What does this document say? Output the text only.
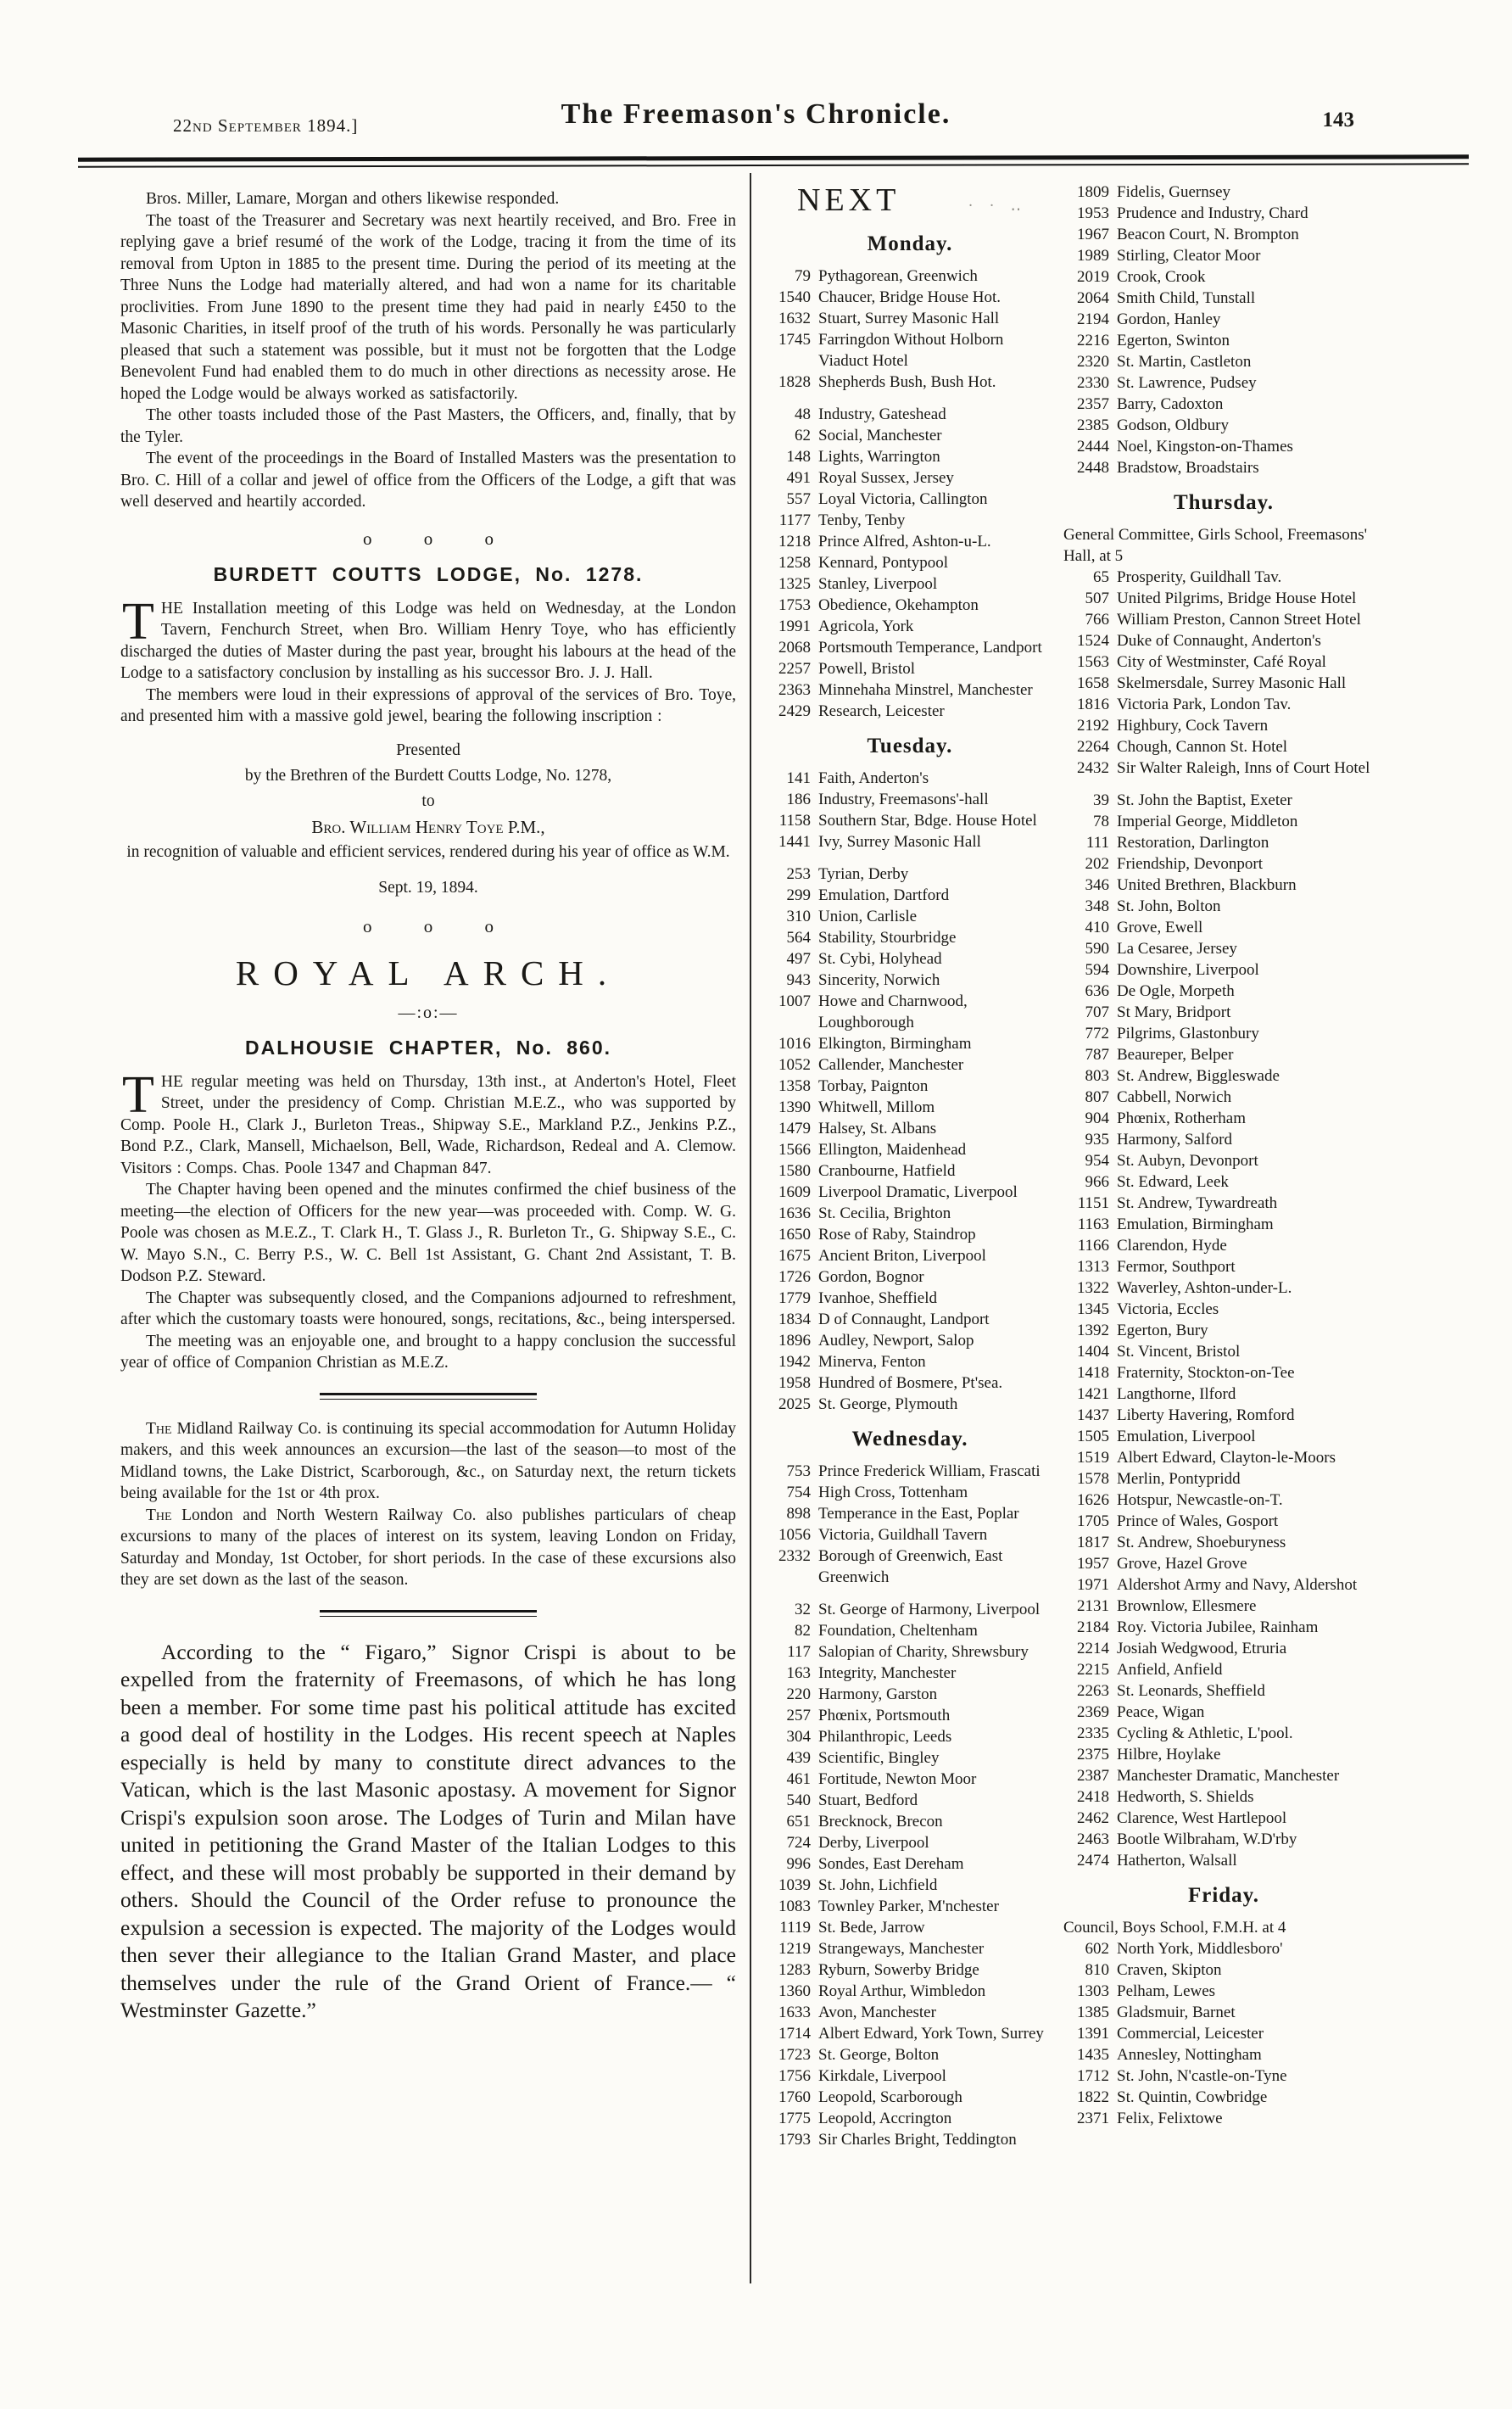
22nd September 1894.]	The Freemason's Chronicle.	143

Bros. Miller, Lamare, Morgan and others likewise responded.

The toast of the Treasurer and Secretary was next heartily received, and Bro. Free in replying gave a brief resumé of the work of the Lodge, tracing it from the time of its removal from Upton in 1885 to the present time. During the period of its meeting at the Three Nuns the Lodge had materially altered, and had won a name for its charitable proclivities. From June 1890 to the present time they had paid in nearly £450 to the Masonic Charities, in itself proof of the truth of his words. Personally he was particularly pleased that such a statement was possible, but it must not be forgotten that the Lodge Benevolent Fund had enabled them to do much in other directions as necessity arose. He hoped the Lodge would be always worked as satisfactorily.

The other toasts included those of the Past Masters, the Officers, and, finally, that by the Tyler.

The event of the proceedings in the Board of Installed Masters was the presentation to Bro. C. Hill of a collar and jewel of office from the Officers of the Lodge, a gift that was well deserved and heartily accorded.

o o o
BURDETT COUTTS LODGE, No. 1278.

THE Installation meeting of this Lodge was held on Wednesday, at the London Tavern, Fenchurch Street, when Bro. William Henry Toye, who has efficiently discharged the duties of Master during the past year, brought his labours at the head of the Lodge to a satisfactory conclusion by installing as his successor Bro. J. J. Hall.

The members were loud in their expressions of approval of the services of Bro. Toye, and presented him with a massive gold jewel, bearing the following inscription :

Presented
by the Brethren of the Burdett Coutts Lodge, No. 1278,
to
Bro. William Henry Toye P.M.,
in recognition of valuable and efficient services, rendered during his year of office as W.M.
Sept. 19, 1894.
o o o
ROYAL ARCH.
—:o:—
DALHOUSIE CHAPTER, No. 860.

THE regular meeting was held on Thursday, 13th inst., at Anderton's Hotel, Fleet Street, under the presidency of Comp. Christian M.E.Z., who was supported by Comp. Poole H., Clark J., Burleton Treas., Shipway S.E., Markland P.Z., Jenkins P.Z., Bond P.Z., Clark, Mansell, Michaelson, Bell, Wade, Richardson, Redeal and A. Clemow. Visitors : Comps. Chas. Poole 1347 and Chapman 847.

The Chapter having been opened and the minutes confirmed the chief business of the meeting—the election of Officers for the new year—was proceeded with. Comp. W. G. Poole was chosen as M.E.Z., T. Clark H., T. Glass J., R. Burleton Tr., G. Shipway S.E., C. W. Mayo S.N., C. Berry P.S., W. C. Bell 1st Assistant, G. Chant 2nd Assistant, T. B. Dodson P.Z. Steward.

The Chapter was subsequently closed, and the Companions adjourned to refreshment, after which the customary toasts were honoured, songs, recitations, &c., being interspersed.

The meeting was an enjoyable one, and brought to a happy conclusion the successful year of office of Companion Christian as M.E.Z.

The Midland Railway Co. is continuing its special accommodation for Autumn Holiday makers, and this week announces an excursion—the last of the season—to most of the Midland towns, the Lake District, Scarborough, &c., on Saturday next, the return tickets being available for the 1st or 4th prox.

The London and North Western Railway Co. also publishes particulars of cheap excursions to many of the places of interest on its system, leaving London on Friday, Saturday and Monday, 1st October, for short periods. In the case of these excursions also they are set down as the last of the season.

According to the “ Figaro,” Signor Crispi is about to be expelled from the fraternity of Freemasons, of which he has long been a member. For some time past his political attitude has excited a good deal of hostility in the Lodges. His recent speech at Naples especially is held by many to constitute direct advances to the Vatican, which is the last Masonic apostasy. A movement for Signor Crispi's expulsion soon arose. The Lodges of Turin and Milan have united in petitioning the Grand Master of the Italian Lodges to this effect, and these will most probably be supported in their demand by others. Should the Council of the Order refuse to pronounce the expulsion a secession is expected. The majority of the Lodges would then sever their allegiance to the Italian Grand Master, and place themselves under the rule of the Grand Orient of France.— “ Westminster Gazette.”

NEXT	· · ‥
Monday.
79 Pythagorean, Greenwich
1540 Chaucer, Bridge House Hot.
1632 Stuart, Surrey Masonic Hall
1745 Farringdon Without Holborn Viaduct Hotel
1828 Shepherds Bush, Bush Hot.
48 Industry, Gateshead
62 Social, Manchester
148 Lights, Warrington
491 Royal Sussex, Jersey
557 Loyal Victoria, Callington
1177 Tenby, Tenby
1218 Prince Alfred, Ashton-u-L.
1258 Kennard, Pontypool
1325 Stanley, Liverpool
1753 Obedience, Okehampton
1991 Agricola, York
2068 Portsmouth Temperance, Landport
2257 Powell, Bristol
2363 Minnehaha Minstrel, Manchester
2429 Research, Leicester
Tuesday.
141 Faith, Anderton's
186 Industry, Freemasons'-hall
1158 Southern Star, Bdge. House Hotel
1441 Ivy, Surrey Masonic Hall
253 Tyrian, Derby
299 Emulation, Dartford
310 Union, Carlisle
564 Stability, Stourbridge
497 St. Cybi, Holyhead
943 Sincerity, Norwich
1007 Howe and Charnwood, Loughborough
1016 Elkington, Birmingham
1052 Callender, Manchester
1358 Torbay, Paignton
1390 Whitwell, Millom
1479 Halsey, St. Albans
1566 Ellington, Maidenhead
1580 Cranbourne, Hatfield
1609 Liverpool Dramatic, Liverpool
1636 St. Cecilia, Brighton
1650 Rose of Raby, Staindrop
1675 Ancient Briton, Liverpool
1726 Gordon, Bognor
1779 Ivanhoe, Sheffield
1834 D of Connaught, Landport
1896 Audley, Newport, Salop
1942 Minerva, Fenton
1958 Hundred of Bosmere, Pt'sea.
2025 St. George, Plymouth
Wednesday.
753 Prince Frederick William, Frascati
754 High Cross, Tottenham
898 Temperance in the East, Poplar
1056 Victoria, Guildhall Tavern
2332 Borough of Greenwich, East Greenwich
32 St. George of Harmony, Liverpool
82 Foundation, Cheltenham
117 Salopian of Charity, Shrewsbury
163 Integrity, Manchester
220 Harmony, Garston
257 Phœnix, Portsmouth
304 Philanthropic, Leeds
439 Scientific, Bingley
461 Fortitude, Newton Moor
540 Stuart, Bedford
651 Brecknock, Brecon
724 Derby, Liverpool
996 Sondes, East Dereham
1039 St. John, Lichfield
1083 Townley Parker, M'nchester
1119 St. Bede, Jarrow
1219 Strangeways, Manchester
1283 Ryburn, Sowerby Bridge
1360 Royal Arthur, Wimbledon
1633 Avon, Manchester
1714 Albert Edward, York Town, Surrey
1723 St. George, Bolton
1756 Kirkdale, Liverpool
1760 Leopold, Scarborough
1775 Leopold, Accrington
1793 Sir Charles Bright, Teddington
1809 Fidelis, Guernsey
1953 Prudence and Industry, Chard
1967 Beacon Court, N. Brompton
1989 Stirling, Cleator Moor
2019 Crook, Crook
2064 Smith Child, Tunstall
2194 Gordon, Hanley
2216 Egerton, Swinton
2320 St. Martin, Castleton
2330 St. Lawrence, Pudsey
2357 Barry, Cadoxton
2385 Godson, Oldbury
2444 Noel, Kingston-on-Thames
2448 Bradstow, Broadstairs
Thursday.
General Committee, Girls School, Freemasons' Hall, at 5
65 Prosperity, Guildhall Tav.
507 United Pilgrims, Bridge House Hotel
766 William Preston, Cannon Street Hotel
1524 Duke of Connaught, Anderton's
1563 City of Westminster, Café Royal
1658 Skelmersdale, Surrey Masonic Hall
1816 Victoria Park, London Tav.
2192 Highbury, Cock Tavern
2264 Chough, Cannon St. Hotel
2432 Sir Walter Raleigh, Inns of Court Hotel
39 St. John the Baptist, Exeter
78 Imperial George, Middleton
111 Restoration, Darlington
202 Friendship, Devonport
346 United Brethren, Blackburn
348 St. John, Bolton
410 Grove, Ewell
590 La Cesaree, Jersey
594 Downshire, Liverpool
636 De Ogle, Morpeth
707 St Mary, Bridport
772 Pilgrims, Glastonbury
787 Beaureper, Belper
803 St. Andrew, Biggleswade
807 Cabbell, Norwich
904 Phœnix, Rotherham
935 Harmony, Salford
954 St. Aubyn, Devonport
966 St. Edward, Leek
1151 St. Andrew, Tywardreath
1163 Emulation, Birmingham
1166 Clarendon, Hyde
1313 Fermor, Southport
1322 Waverley, Ashton-under-L.
1345 Victoria, Eccles
1392 Egerton, Bury
1404 St. Vincent, Bristol
1418 Fraternity, Stockton-on-Tee
1421 Langthorne, Ilford
1437 Liberty Havering, Romford
1505 Emulation, Liverpool
1519 Albert Edward, Clayton-le-Moors
1578 Merlin, Pontypridd
1626 Hotspur, Newcastle-on-T.
1705 Prince of Wales, Gosport
1817 St. Andrew, Shoeburyness
1957 Grove, Hazel Grove
1971 Aldershot Army and Navy, Aldershot
2131 Brownlow, Ellesmere
2184 Roy. Victoria Jubilee, Rainham
2214 Josiah Wedgwood, Etruria
2215 Anfield, Anfield
2263 St. Leonards, Sheffield
2369 Peace, Wigan
2335 Cycling & Athletic, L'pool.
2375 Hilbre, Hoylake
2387 Manchester Dramatic, Manchester
2418 Hedworth, S. Shields
2462 Clarence, West Hartlepool
2463 Bootle Wilbraham, W.D'rby
2474 Hatherton, Walsall
Friday.
Council, Boys School, F.M.H. at 4
602 North York, Middlesboro'
810 Craven, Skipton
1303 Pelham, Lewes
1385 Gladsmuir, Barnet
1391 Commercial, Leicester
1435 Annesley, Nottingham
1712 St. John, N'castle-on-Tyne
1822 St. Quintin, Cowbridge
2371 Felix, Felixtowe
